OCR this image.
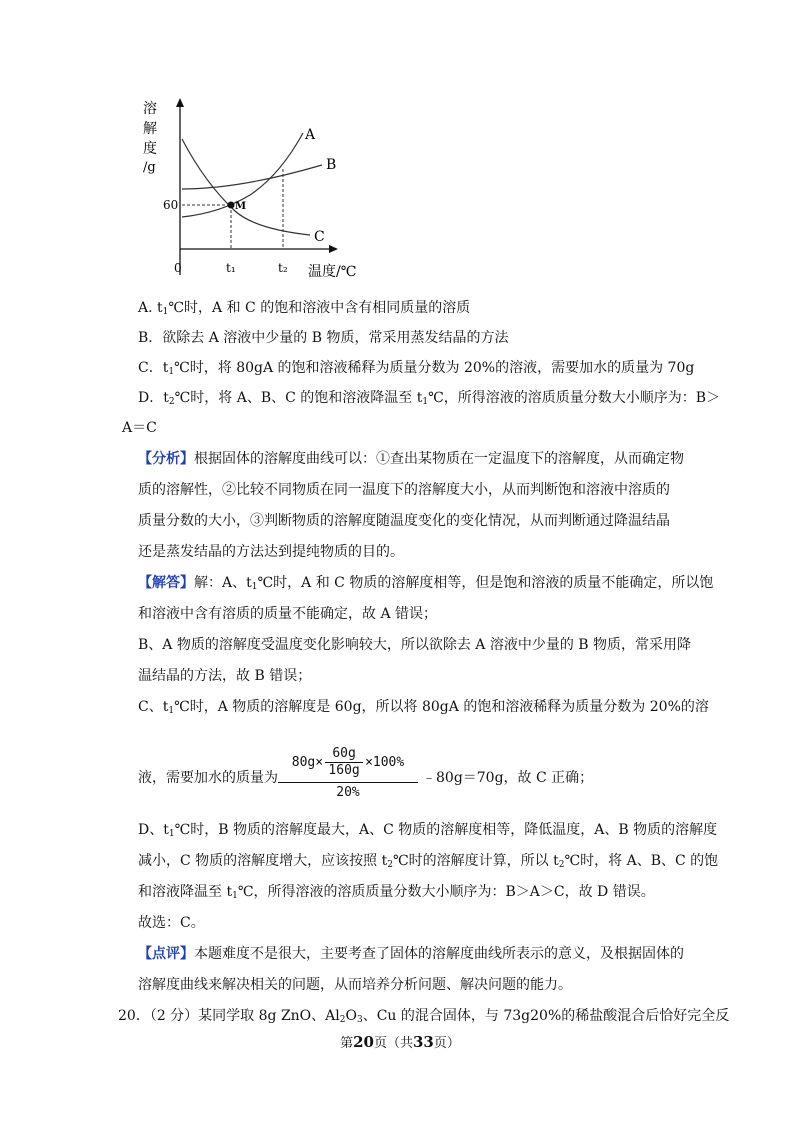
溶
解
度
/g
M
A
B
C
60
0	t₁	t₂ 温度/℃
A. $t_1℃$时，A 和 C 的饱和溶液中含有相同质量的溶质
B．欲除去 A 溶液中少量的 B 物质，常采用蒸发结晶的方法
C．$t_1℃$时，将 80gA 的饱和溶液稀释为质量分数为 20%的溶液，需要加水的质量为 70g
D．$t_2℃$时，将 A、B、C 的饱和溶液降温至 $t_1℃$，所得溶液的溶质质量分数大小顺序为：B＞
A＝C
【分析】根据固体的溶解度曲线可以：①查出某物质在一定温度下的溶解度，从而确定物
质的溶解性，②比较不同物质在同一温度下的溶解度大小，从而判断饱和溶液中溶质的
质量分数的大小，③判断物质的溶解度随温度变化的变化情况，从而判断通过降温结晶
还是蒸发结晶的方法达到提纯物质的目的。
【解答】解：A、$t_1℃$时，A 和 C 物质的溶解度相等，但是饱和溶液的质量不能确定，所以饱
和溶液中含有溶质的质量不能确定，故 A 错误；
B、A 物质的溶解度受温度变化影响较大，所以欲除去 A 溶液中少量的 B 物质，常采用降
温结晶的方法，故 B 错误；
C、$t_1℃$时，A 物质的溶解度是 60g，所以将 80gA 的饱和溶液稀释为质量分数为 20%的溶
液，需要加水的质量为
80g×
60g
160g
×100%
20%
﹣80g＝70g，故 C 正确；
D、$t_1℃$时，B 物质的溶解度最大，A、C 物质的溶解度相等，降低温度，A、B 物质的溶解度
减小，C 物质的溶解度增大，应该按照 $t_2℃$时的溶解度计算，所以 $t_2℃$时，将 A、B、C 的饱
和溶液降温至 $t_1℃$，所得溶液的溶质质量分数大小顺序为：B＞A＞C，故 D 错误。
故选：C。
【点评】本题难度不是很大，主要考查了固体的溶解度曲线所表示的意义，及根据固体的
溶解度曲线来解决相关的问题，从而培养分析问题、解决问题的能力。
20．（2 分）某同学取 8g ZnO、$Al_2O_3$、Cu 的混合固体，与 73g20%的稀盐酸混合后恰好完全反
第20页（共33页）
